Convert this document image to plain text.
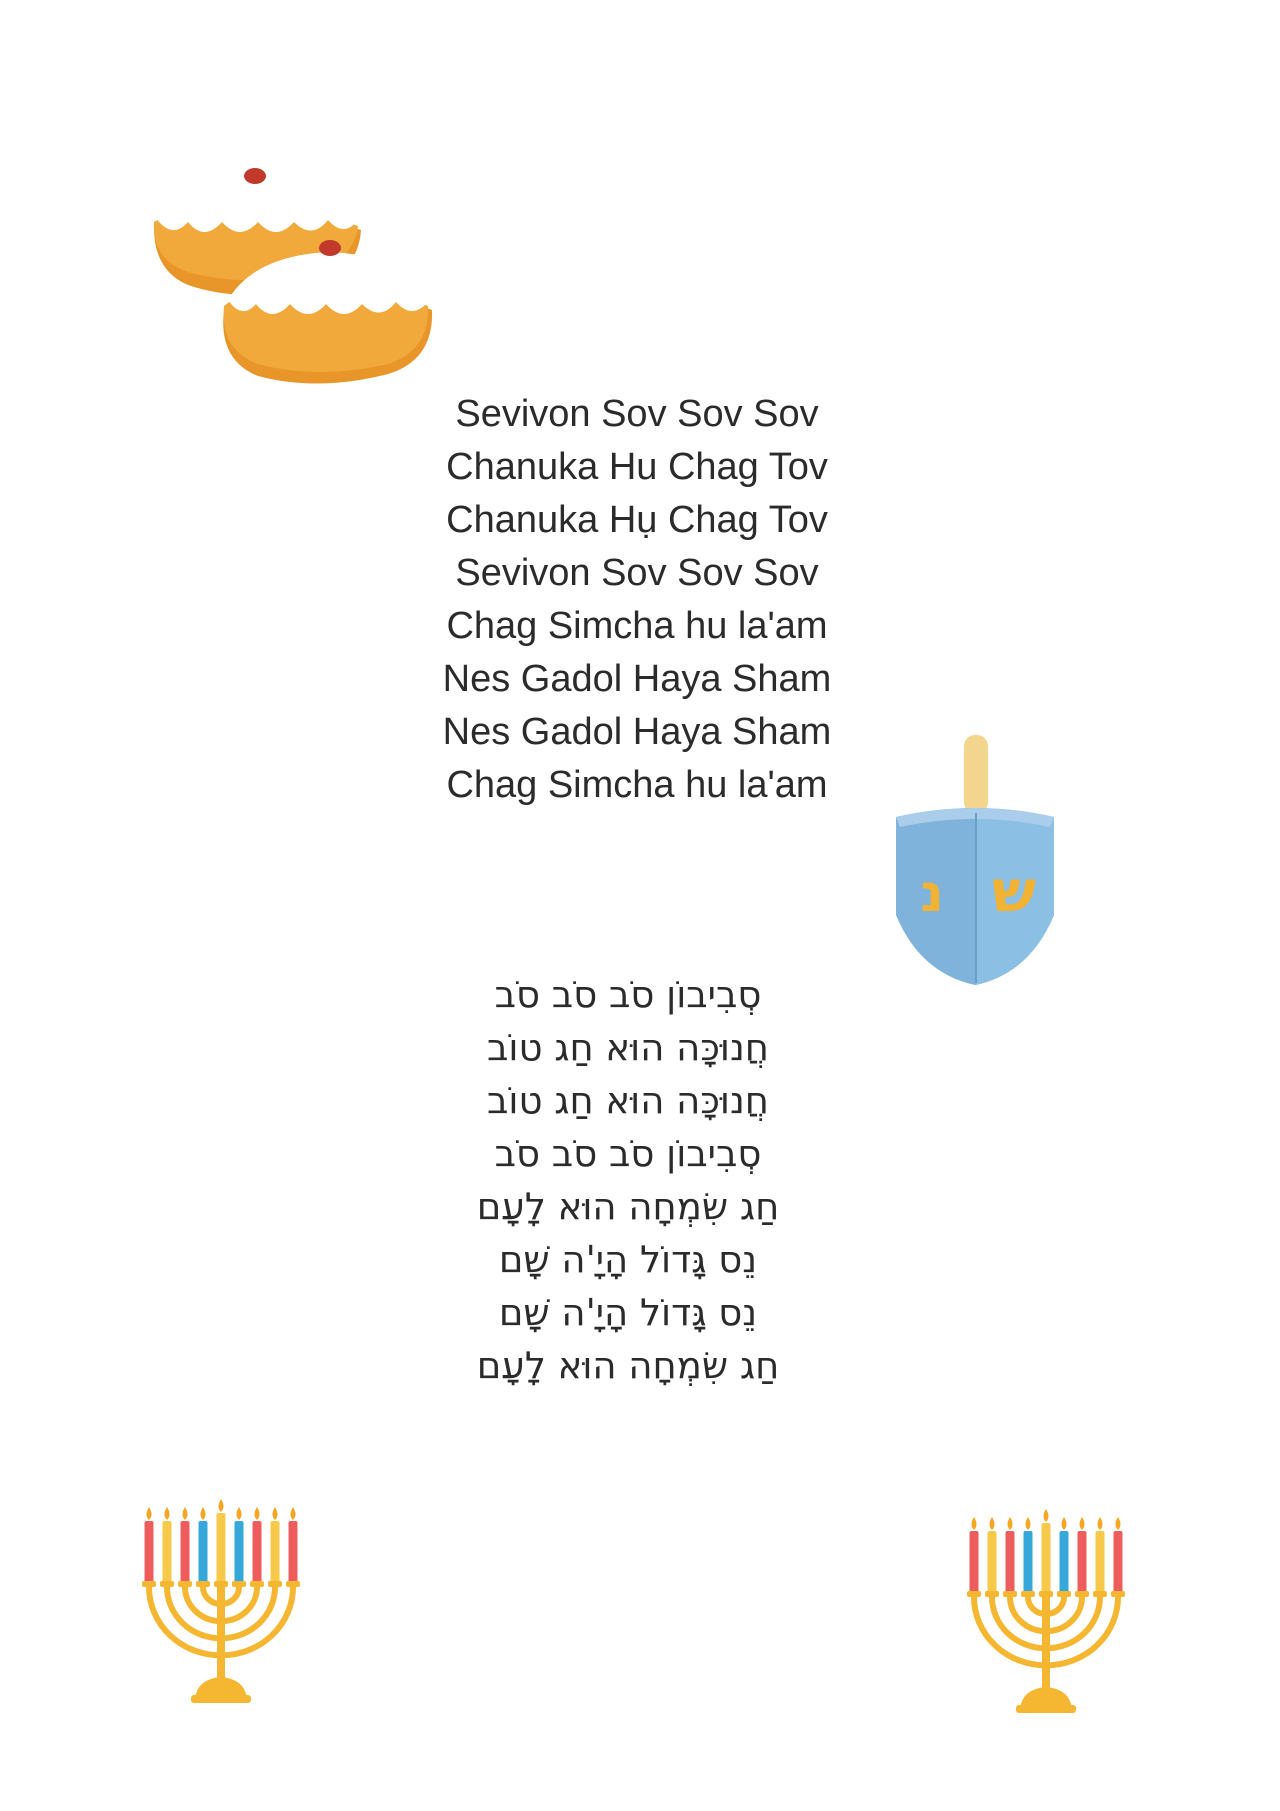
Sevivon Sov Sov Sov
Chanuka Hu Chag Tov
Chanuka Hụ Chag Tov
Sevivon Sov Sov Sov
Chag Simcha hu la'am
Nes Gadol Haya Sham
Nes Gadol Haya Sham
Chag Simcha hu la'am
נ ש
סְבִיבוֹן סֹב סֹב סֹב
חֲנוּכָּה הוּא חַג טוֹב
חֲנוּכָּה הוּא חַג טוֹב
סְבִיבוֹן סֹב סֹב סֹב
חַג שִׂמְחָה הוּא לָעָם
נֵס גָּדוֹל הָיָ'ה שָׁם
נֵס גָּדוֹל הָיָ'ה שָׁם
חַג שִׂמְחָה הוּא לָעָם
